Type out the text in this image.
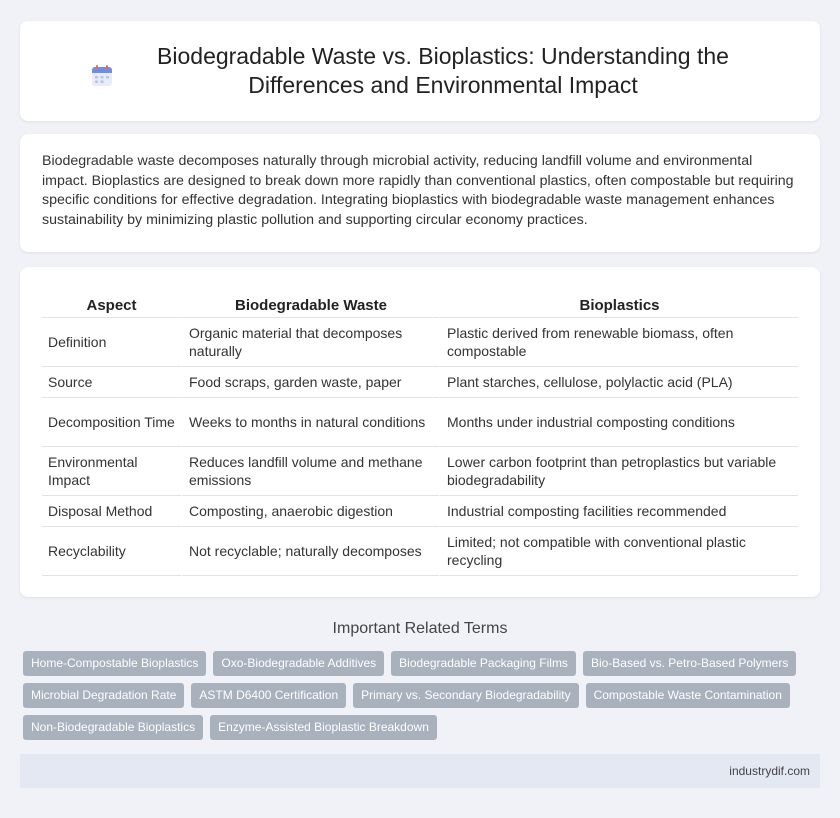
Biodegradable Waste vs. Bioplastics: Understanding the Differences and Environmental Impact

Biodegradable waste decomposes naturally through microbial activity, reducing landfill volume and environmental impact. Bioplastics are designed to break down more rapidly than conventional plastics, often compostable but requiring specific conditions for effective degradation. Integrating bioplastics with biodegradable waste management enhances sustainability by minimizing plastic pollution and supporting circular economy practices.

Aspect	Biodegradable Waste	Bioplastics
Definition	Organic material that decomposes naturally	Plastic derived from renewable biomass, often compostable
Source	Food scraps, garden waste, paper	Plant starches, cellulose, polylactic acid (PLA)
Decomposition Time	Weeks to months in natural conditions	Months under industrial composting conditions
Environmental Impact	Reduces landfill volume and methane emissions	Lower carbon footprint than petroplastics but variable biodegradability
Disposal Method	Composting, anaerobic digestion	Industrial composting facilities recommended
Recyclability	Not recyclable; naturally decomposes	Limited; not compatible with conventional plastic recycling
Important Related Terms
Home-Compostable Bioplastics	Oxo-Biodegradable Additives	Biodegradable Packaging Films	Bio-Based vs. Petro-Based Polymers
Microbial Degradation Rate	ASTM D6400 Certification	Primary vs. Secondary Biodegradability	Compostable Waste Contamination
Non-Biodegradable Bioplastics	Enzyme-Assisted Bioplastic Breakdown
industrydif.com
